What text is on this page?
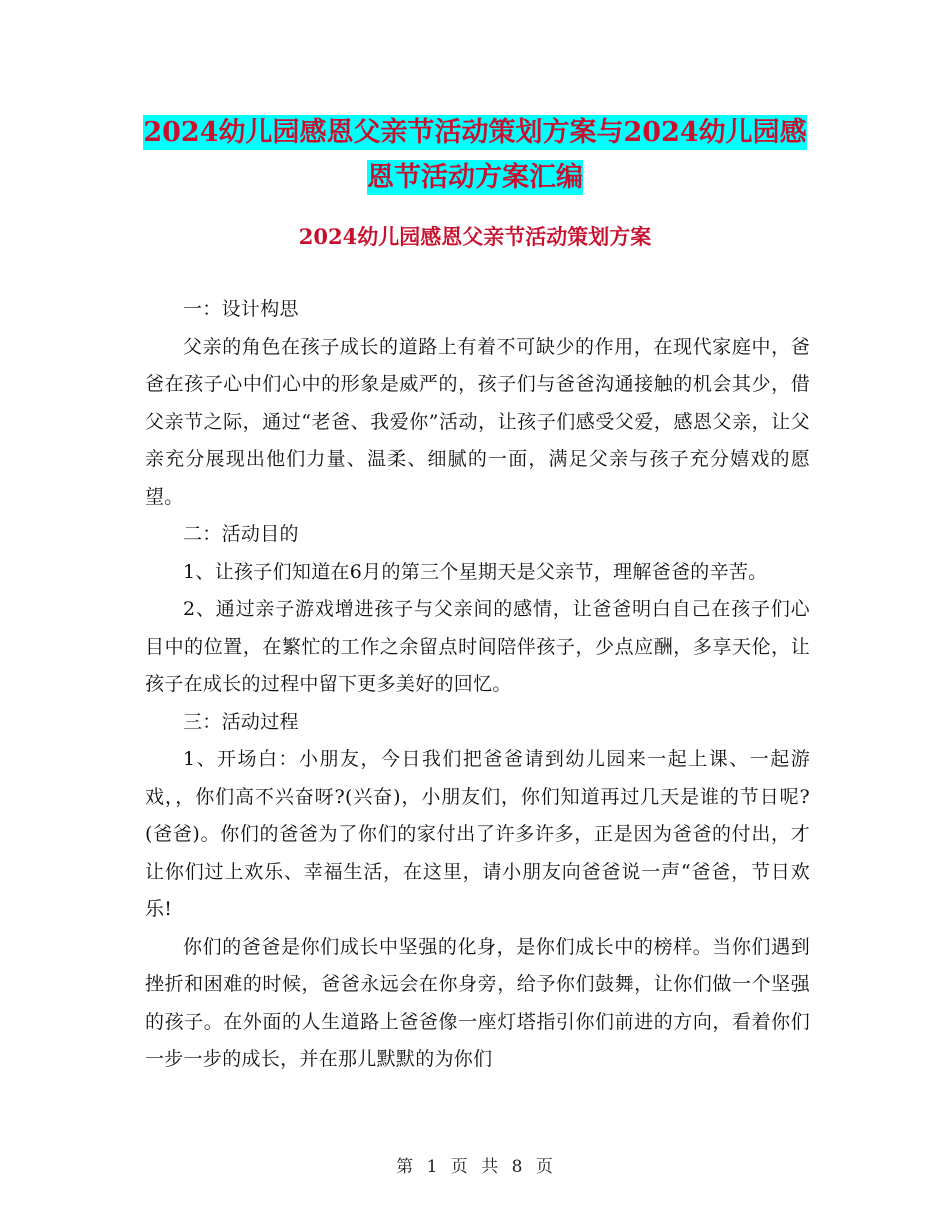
2024幼儿园感恩父亲节活动策划方案与2024幼儿园感
恩节活动方案汇编
2024幼儿园感恩父亲节活动策划方案

一：设计构思

父亲的角色在孩子成长的道路上有着不可缺少的作用，在现代家庭中，爸爸在孩子心中们心中的形象是威严的，孩子们与爸爸沟通接触的机会其少，借父亲节之际，通过“老爸、我爱你”活动，让孩子们感受父爱，感恩父亲，让父亲充分展现出他们力量、温柔、细腻的一面，满足父亲与孩子充分嬉戏的愿望。

二：活动目的

1、让孩子们知道在6月的第三个星期天是父亲节，理解爸爸的辛苦。

2、通过亲子游戏增进孩子与父亲间的感情，让爸爸明白自己在孩子们心目中的位置，在繁忙的工作之余留点时间陪伴孩子，少点应酬，多享天伦，让孩子在成长的过程中留下更多美好的回忆。

三：活动过程

1、开场白：小朋友，今日我们把爸爸请到幼儿园来一起上课、一起游戏，，你们高不兴奋呀?(兴奋)，小朋友们，你们知道再过几天是谁的节日呢?(爸爸)。你们的爸爸为了你们的家付出了许多许多，正是因为爸爸的付出，才让你们过上欢乐、幸福生活，在这里，请小朋友向爸爸说一声“爸爸，节日欢乐!

你们的爸爸是你们成长中坚强的化身，是你们成长中的榜样。当你们遇到挫折和困难的时候，爸爸永远会在你身旁，给予你们鼓舞，让你们做一个坚强的孩子。在外面的人生道路上爸爸像一座灯塔指引你们前进的方向，看着你们一步一步的成长，并在那儿默默的为你们

第 1 页 共 8 页
